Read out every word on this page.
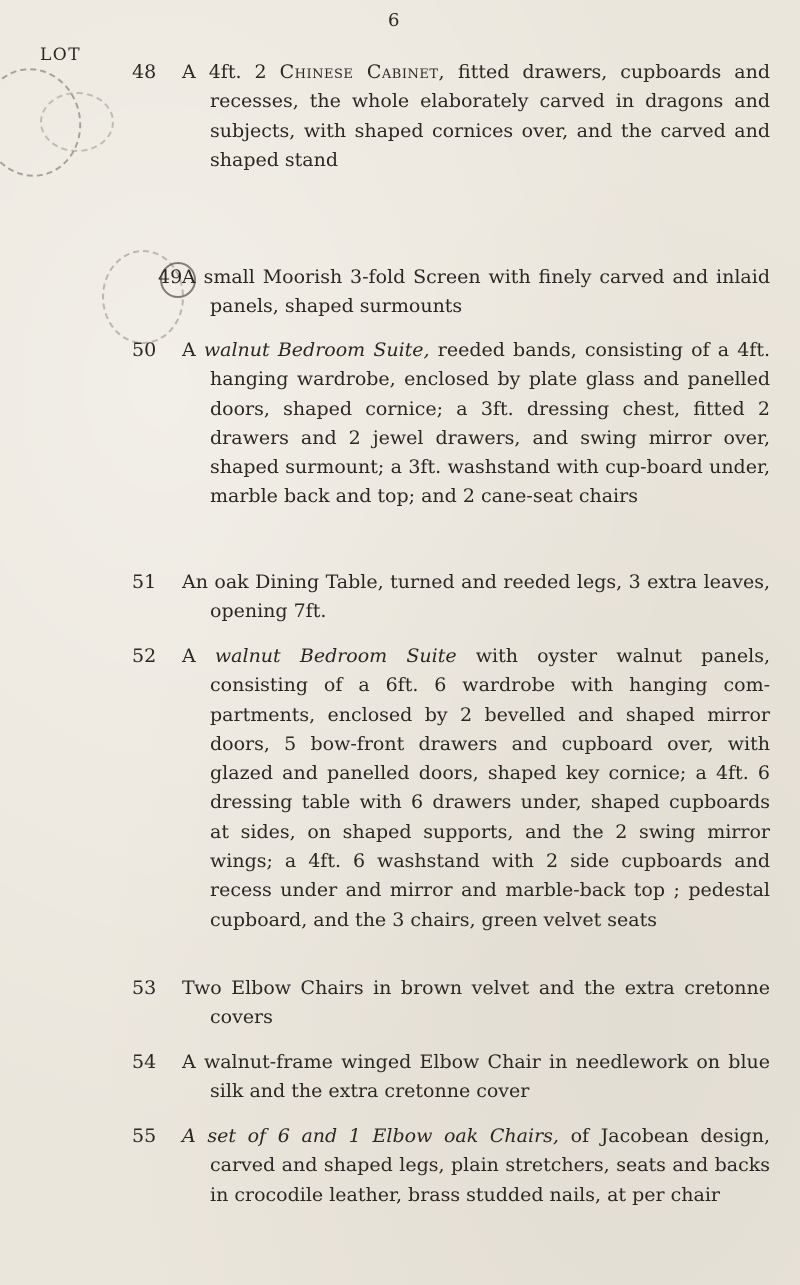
6
LOT
48 A 4ft. 2 Chinese Cabinet, fitted drawers, cupboards and recesses, the whole elaborately carved in dragons and subjects, with shaped cornices over, and the carved and shaped stand
49 A small Moorish 3-fold Screen with finely carved and inlaid panels, shaped surmounts
50 A walnut Bedroom Suite, reeded bands, consisting of a 4ft. hanging wardrobe, enclosed by plate glass and panelled doors, shaped cornice; a 3ft. dressing chest, fitted 2 drawers and 2 jewel drawers, and swing mirror over, shaped surmount; a 3ft. washstand with cup-board under, marble back and top; and 2 cane-seat chairs
51 An oak Dining Table, turned and reeded legs, 3 extra leaves, opening 7ft.
52 A walnut Bedroom Suite with oyster walnut panels, consisting of a 6ft. 6 wardrobe with hanging com-partments, enclosed by 2 bevelled and shaped mirror doors, 5 bow-front drawers and cupboard over, with glazed and panelled doors, shaped key cornice; a 4ft. 6 dressing table with 6 drawers under, shaped cupboards at sides, on shaped supports, and the 2 swing mirror wings; a 4ft. 6 washstand with 2 side cupboards and recess under and mirror and marble-back top ; pedestal cupboard, and the 3 chairs, green velvet seats
53 Two Elbow Chairs in brown velvet and the extra cretonne covers
54 A walnut-frame winged Elbow Chair in needlework on blue silk and the extra cretonne cover
55 A set of 6 and 1 Elbow oak Chairs, of Jacobean design, carved and shaped legs, plain stretchers, seats and backs in crocodile leather, brass studded nails, at per chair
